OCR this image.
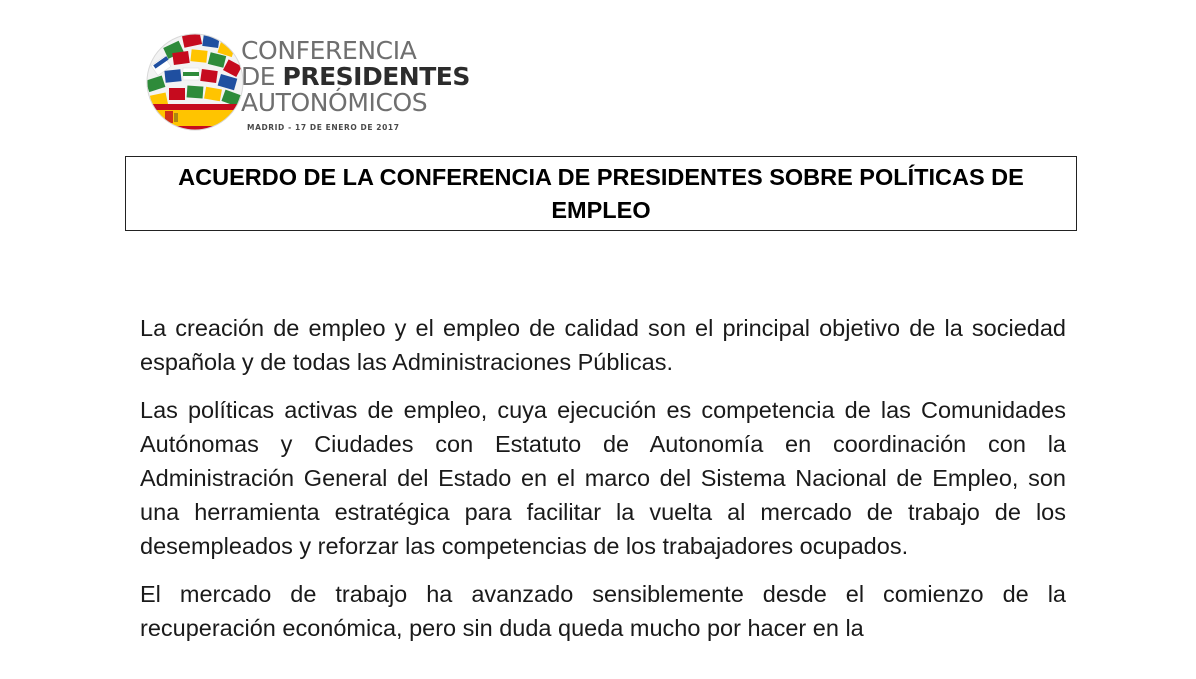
CONFERENCIA

DE PRESIDENTES

AUTONÓMICOS

MADRID - 17 DE ENERO DE 2017

ACUERDO DE LA CONFERENCIA DE PRESIDENTES SOBRE POLÍTICAS DE EMPLEO

La creación de empleo y el empleo de calidad son el principal objetivo de la sociedad española y de todas las Administraciones Públicas.

Las políticas activas de empleo, cuya ejecución es competencia de las Comunidades Autónomas y Ciudades con Estatuto de Autonomía en coordinación con la Administración General del Estado en el marco del Sistema Nacional de Empleo, son una herramienta estratégica para facilitar la vuelta al mercado de trabajo de los desempleados y reforzar las competencias de los trabajadores ocupados.

El mercado de trabajo ha avanzado sensiblemente desde el comienzo de la recuperación económica, pero sin duda queda mucho por hacer en la
